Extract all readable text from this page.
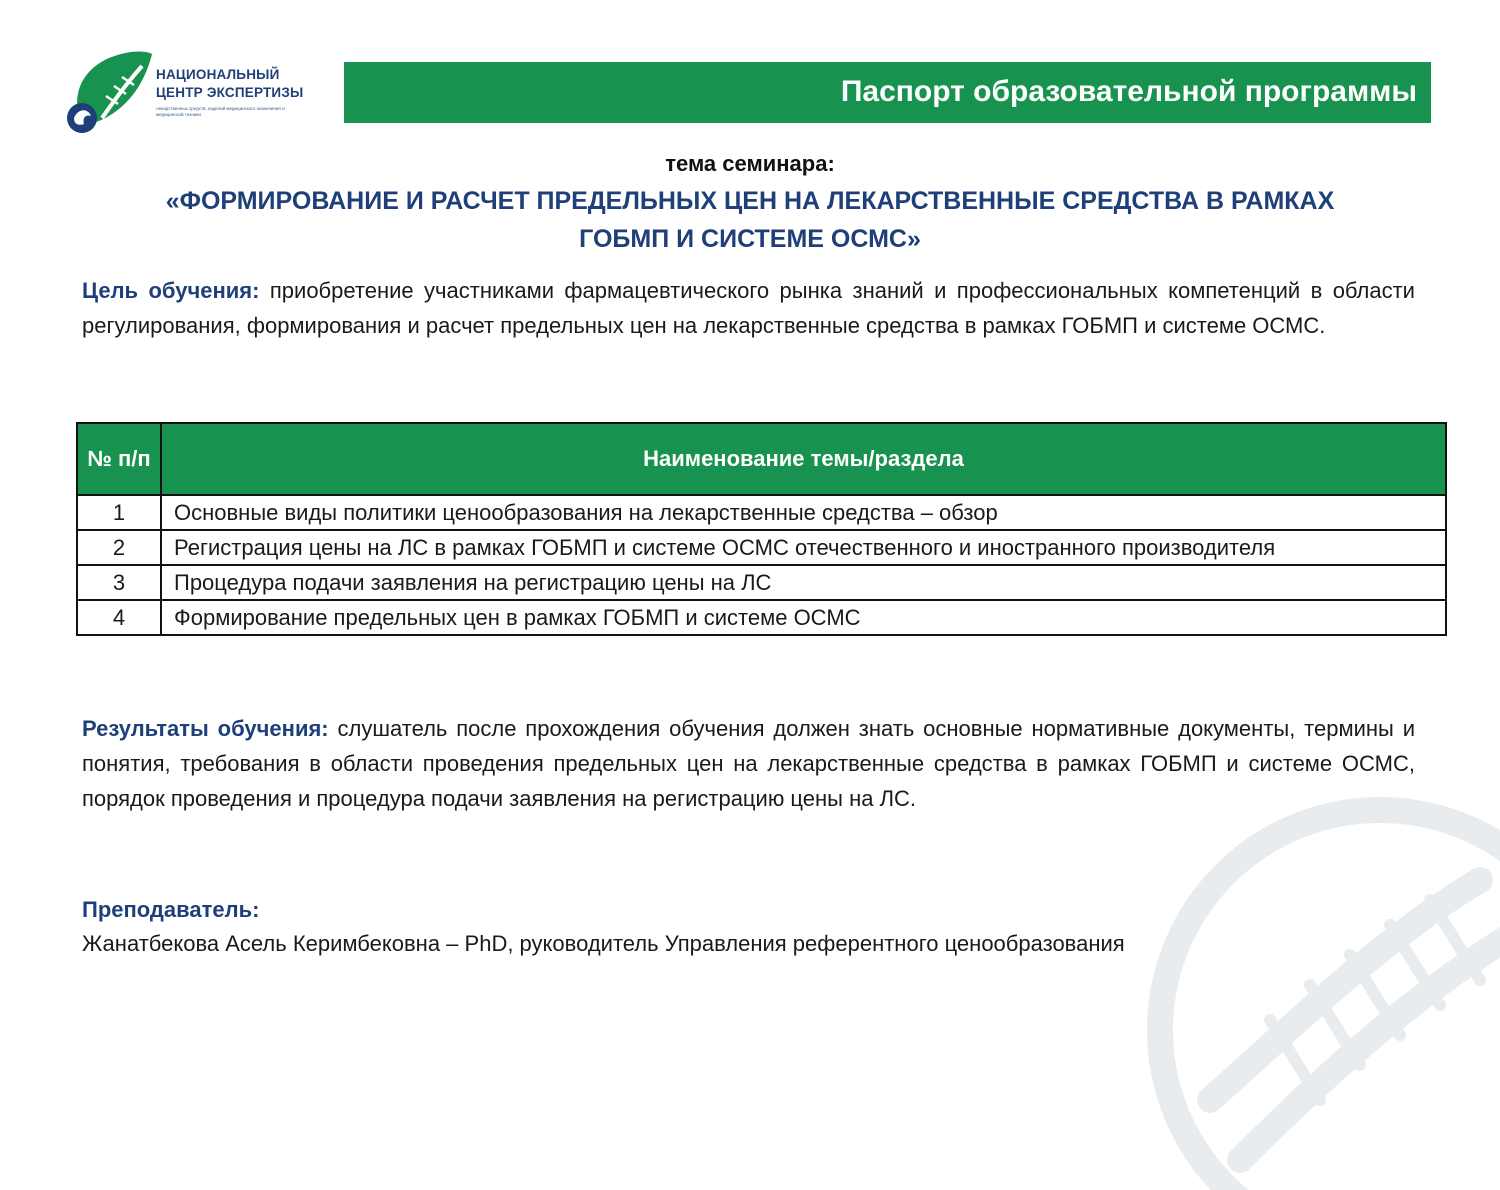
НАЦИОНАЛЬНЫЙ
ЦЕНТР ЭКСПЕРТИЗЫ
лекарственных средств, изделий медицинского назначения и медицинской техники
Паспорт образовательной программы
тема семинара:
«ФОРМИРОВАНИЕ И РАСЧЕТ ПРЕДЕЛЬНЫХ ЦЕН НА ЛЕКАРСТВЕННЫЕ СРЕДСТВА В РАМКАХ ГОБМП И СИСТЕМЕ ОСМС»
Цель обучения: приобретение участниками фармацевтического рынка знаний и профессиональных компетенций в области регулирования, формирования и расчет предельных цен на лекарственные средства в рамках ГОБМП и системе ОСМС.
№ п/п	Наименование темы/раздела
1	Основные виды политики ценообразования на лекарственные средства – обзор
2	Регистрация цены на ЛС в рамках ГОБМП и системе ОСМС отечественного и иностранного производителя
3	Процедура подачи заявления на регистрацию цены на ЛС
4	Формирование предельных цен в рамках ГОБМП и системе ОСМС
Результаты обучения: слушатель после прохождения обучения должен знать основные нормативные документы, термины и понятия, требования в области проведения предельных цен на лекарственные средства в рамках ГОБМП и системе ОСМС, порядок проведения и процедура подачи заявления на регистрацию цены на ЛС.
Преподаватель:
Жанатбекова Асель Керимбековна – PhD, руководитель Управления референтного ценообразования
